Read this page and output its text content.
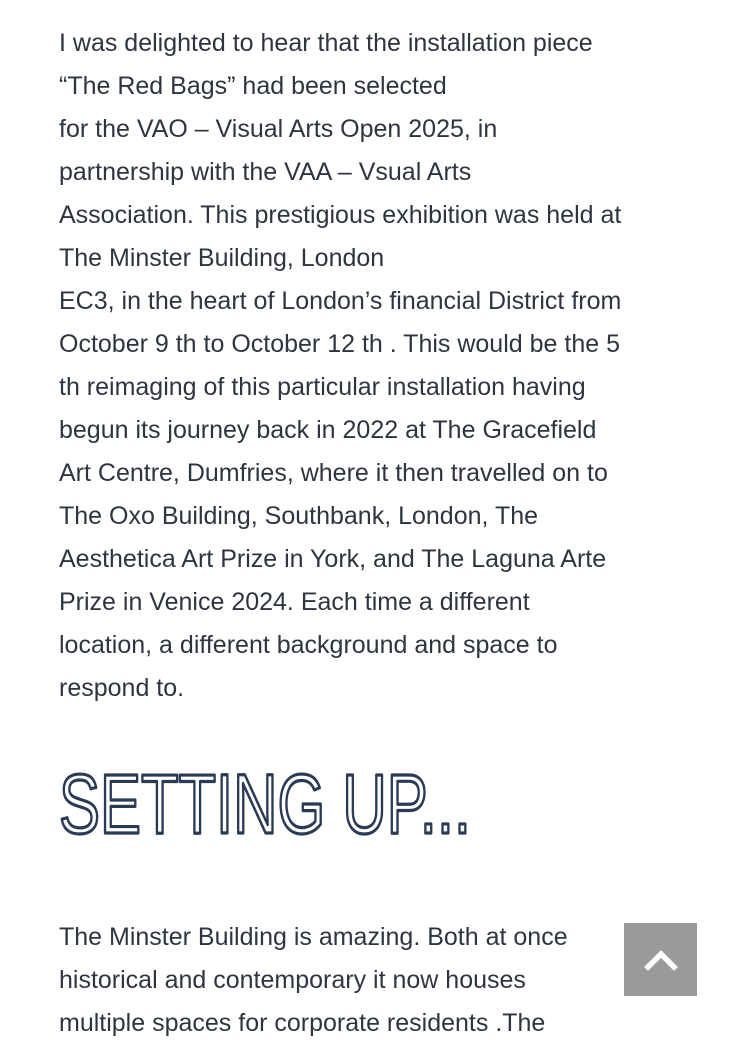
I was delighted to hear that the installation piece

“The Red Bags” had been selected

for the VAO – Visual Arts Open 2025, in

partnership with the VAA – Vsual Arts

Association. This prestigious exhibition was held at

The Minster Building, London

EC3, in the heart of London’s financial District from

October 9 th to October 12 th . This would be the 5

th reimaging of this particular installation having

begun its journey back in 2022 at The Gracefield

Art Centre, Dumfries, where it then travelled on to

The Oxo Building, Southbank, London, The

Aesthetica Art Prize in York, and The Laguna Arte

Prize in Venice 2024. Each time a different

location, a different background and space to

respond to.

SETTING UP...

The Minster Building is amazing. Both at once

historical and contemporary it now houses

multiple spaces for corporate residents .The
